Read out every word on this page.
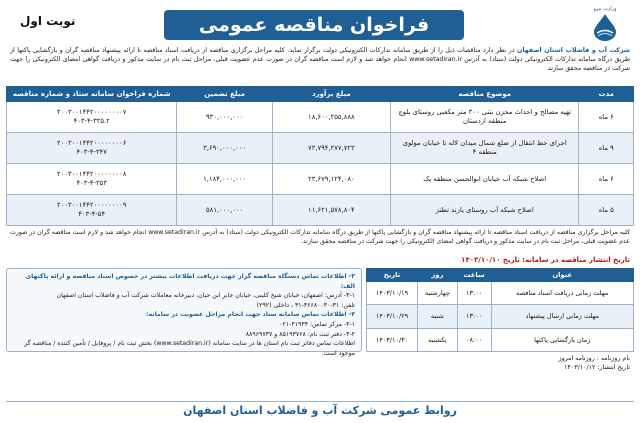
وزارت نیرو
فراخوان مناقصه عمومی
نوبت اول
شرکت آب و فاضلاب استان اصفهان در نظر دارد مناقصات ذیل را از طریق سامانه تدارکات الکترونیکی دولت برگزار نماید. کلیه مراحل برگزاری مناقصه از دریافت اسناد مناقصه تا ارائه پیشنهاد مناقصه گران و بازگشایی پاکتها از طریق درگاه سامانه تدارکات الکترونیکی دولت (ستاد) به آدرس www.setadiran.ir انجام خواهد شد و لازم است مناقصه گران در صورت عدم عضویت قبلی، مراحل ثبت نام در سایت مذکور و دریافت گواهی امضای الکترونیکی را جهت شرکت در مناقصه محقق سازند.
مدت	موضوع مناقصه	مبلغ برآورد	مبلغ تضمین	شماره فراخوان سامانه ستاد و شماره مناقصه
۶ ماه	تهیه مصالح و احداث مخزن بتنی ۳۰۰ متر مکعبی روستای بلوچ منطقه اردستان	۱۸,۶۰۰,۲۵۵,۸۸۸	۹۳۰,۰۰۰,۰۰۰	۲۰۰۳۰۰۱۴۴۲۰۰۰۰۰۰۰۰۷
۴۰۳-۴-۳۲۵.۲
۹ ماه	اجرای خط انتقال از ضلع شمال میدان لاله تا خیابان مولوی منطقه ۴	۷۳,۷۹۴,۲۷۷,۷۲۳	۳,۶۹۰,۰۰۰,۰۰۰	۲۰۰۳۰۰۱۴۴۲۰۰۰۰۰۰۰۰۶
۴۰۳-۴-۳۴۷
۶ ماه	اصلاح شبکه آب خیابان ابوالحسن منطقه یک	۲۳,۶۷۹,۱۲۴,۰۸۰	۱,۱۸۴,۰۰۰,۰۰۰	۲۰۰۳۰۰۱۴۴۲۰۰۰۰۰۰۰۰۸
۴۰۳-۴-۳۵۳
۵ ماه	اصلاح شبکه آب روستای یارند نطنز	۱۱,۶۲۱,۵۷۸,۸۰۴	۵۸۱,۰۰۰,۰۰۰	۲۰۰۳۰۰۱۴۴۲۰۰۰۰۰۰۰۰۹
۴۰۳-۴-۵۴
کلیه مراحل برگزاری مناقصه از دریافت اسناد مناقصه تا ارائه پیشنهاد مناقصه گران و بازگشایی پاکتها از طریق درگاه سامانه تدارکات الکترونیکی دولت (ستاد) به آدرس www.setadiran.ir انجام خواهد شد و لازم است مناقصه گران در صورت عدم عضویت قبلی، مراحل ثبت نام در سایت مذکور و دریافت گواهی امضای الکترونیکی را جهت شرکت در مناقصه محقق سازند.
تاریخ انتشار مناقصه در سامانه: تاریخ ۱۴۰۳/۱۰/۱۰
عنوان	ساعت	روز	تاریخ
مهلت زمانی دریافت اسناد مناقصه	۱۳:۰۰	چهارشنبه	۱۴۰۳/۱۰/۱۹
مهلت زمانی ارسال پیشنهاد	۱۳:۰۰	شنبه	۱۴۰۳/۱۰/۲۹
زمان بازگشایی پاکتها	۰۸:۰۰	یکشنبه	۱۴۰۳/۱۰/۳۰
۳- اطلاعات تماس دستگاه مناقصه گزار جهت دریافت اطلاعات بیشتر در خصوص اسناد مناقصه و ارائه پاکتهای الف:
۳-۱- آدرس: اصفهان، خیابان شیخ کلینی، خیابان جابر ابن حیان، دبیرخانه معاملات شرکت آب و فاضلاب استان اصفهان
تلفن: ۳۱-۳۶۶۸۰۰۳۰-۳۱ ، داخلی (۲۹۲)
۴- اطلاعات تماس سامانه ستاد جهت انجام مراحل عضویت در سامانه:
۴-۱- مرکز تماس: ۴۱۹۳۴-۰۲۱
۴-۲- دفتر ثبت نام: ۸۵۱۹۳۷۶۸ و ۸۸۹۶۹۷۳۷
اطلاعات تماس دفاتر ثبت نام استان ها در سایت سامانه (www.setadiran.ir) بخش ثبت نام / پروفایل / تأمین کننده / مناقصه گر موجود است.
نام روزنامه : روزنامه امروز
تاریخ انتشار: ۱۴۰۳/۱۰/۱۲
روابط عمومی شرکت آب و فاضلاب استان اصفهان
